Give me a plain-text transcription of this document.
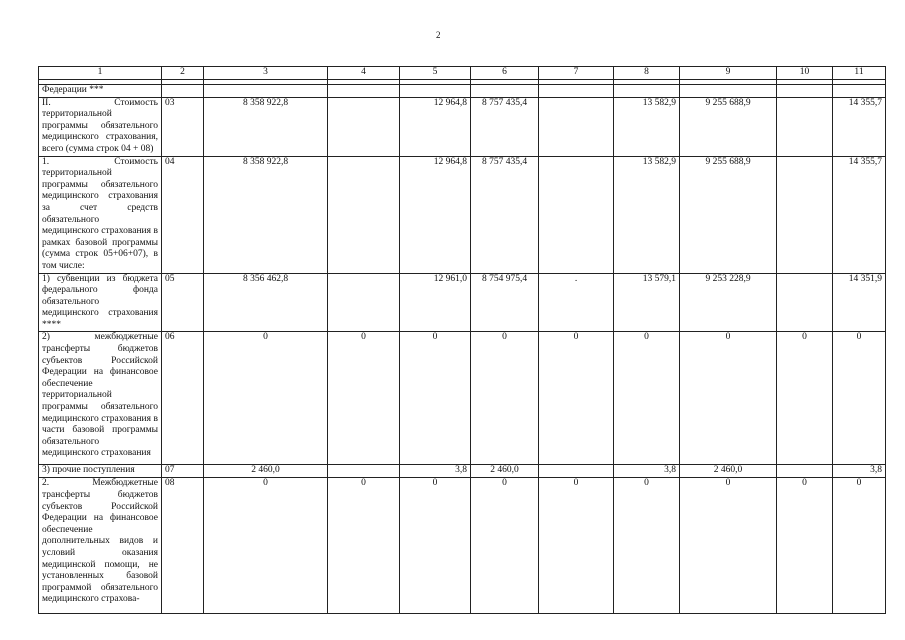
2
1	2	3	4	5	6	7	8	9	10	11

Федерации ***										
II. Стоимость территориальной программы обязательного медицинского страхования, всего (сумма строк 04 + 08)	03	8 358 922,8		12 964,8	8 757 435,4		13 582,9	9 255 688,9		14 355,7
1. Стоимость территориальной программы обязательного медицинского страхования за счет средств обязательного медицинского страхования в рамках базовой программы (сумма строк 05+06+07), в том числе:	04	8 358 922,8		12 964,8	8 757 435,4		13 582,9	9 255 688,9		14 355,7
1) субвенции из бюджета федерального фонда обязательного медицинского страхования ****	05	8 356 462,8		12 961,0	8 754 975,4	.	13 579,1	9 253 228,9		14 351,9
2) межбюджетные трансферты бюджетов субъектов Российской Федерации на финансовое обеспечение территориальной программы обязательного медицинского страхования в части базовой программы обязательного медицинского страхования	06	0	0	0	0	0	0	0	0	0
3) прочие поступления	07	2 460,0		3,8	2 460,0		3,8	2 460,0		3,8
2. Межбюджетные трансферты бюджетов субъектов Российской Федерации на финансовое обеспечение дополнительных видов и условий оказания медицинской помощи, не установленных базовой программой обязательного медицинского страхова-	08	0	0	0	0	0	0	0	0	0
